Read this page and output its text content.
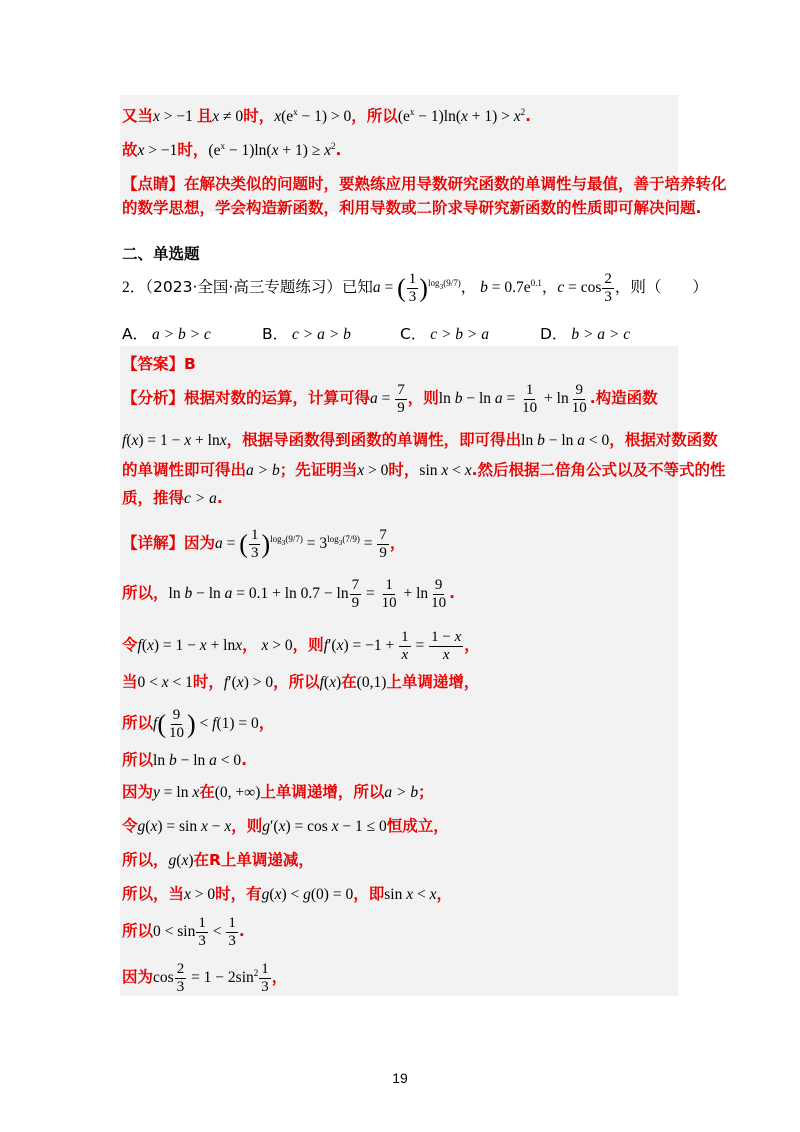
又当x > −1 且x ≠ 0时，$x(e^x - 1) > 0$，所以$(e^x - 1)\ln(x + 1) > x^2$.
故x > −1时，$(e^x - 1)\ln(x + 1) \ge x^2$.
【点睛】在解决类似的问题时，要熟练应用导数研究函数的单调性与最值，善于培养转化
的数学思想，学会构造新函数，利用导数或二阶求导研究新函数的性质即可解决问题.
二、单选题
2．（2023·全国·高三专题练习）已知a = ( $\frac{1}{3} )^{log_3(9/7)}$， $b = 0.7e^{0.1}$，$c = \cos \frac{2}{3}$ ，则（　　）
A． a > b > c	B． c > a > b	C． c > b > a	D． b > a > c
【答案】B
【分析】根据对数的运算，计算可得$a = \frac{7}{9}$ ，则$\ln b - \ln a = \frac{1}{10} + \ln \frac{9}{10}$ .构造函数
f(x) = 1 − x + lnx，根据导函数得到函数的单调性，即可得出ln b − ln a < 0，根据对数函数
的单调性即可得出a > b；先证明当x > 0时，sin x < x.然后根据二倍角公式以及不等式的性
质，推得c > a.
【详解】因为a = ( $\frac{1}{3} )^{log_3(9/7)} = 3^{log_3(7/9)} = \frac{7}{9}$ ，
所以，$\ln b - \ln a = 0.1 + \ln 0.7 - \ln \frac{7}{9} = \frac{1}{10} + \ln \frac{9}{10}$ .
令f(x) = 1 − x + lnx， x > 0，则$f'(x) = -1 + \frac{1}{x} = \frac{1 - x}{x}$ ，
当0 < x < 1时，f′(x) > 0，所以f(x)在(0,1)上单调递增，
所以$f( \frac{9}{10}$ ) < f(1) = 0，
所以ln b − ln a < 0.
因为y = ln x在(0, +∞)上单调递增，所以a > b；
令g(x) = sin x − x，则g′(x) = cos x − 1 ≤ 0恒成立，
所以，g(x)在R上单调递减，
所以，当x > 0时，有g(x) < g(0) = 0，即sin x < x，
所以$0 < \sin \frac{1}{3} < \frac{1}{3}$ .
因为$\cos \frac{2}{3} = 1 - 2\sin^2 \frac{1}{3}$ ，
19
